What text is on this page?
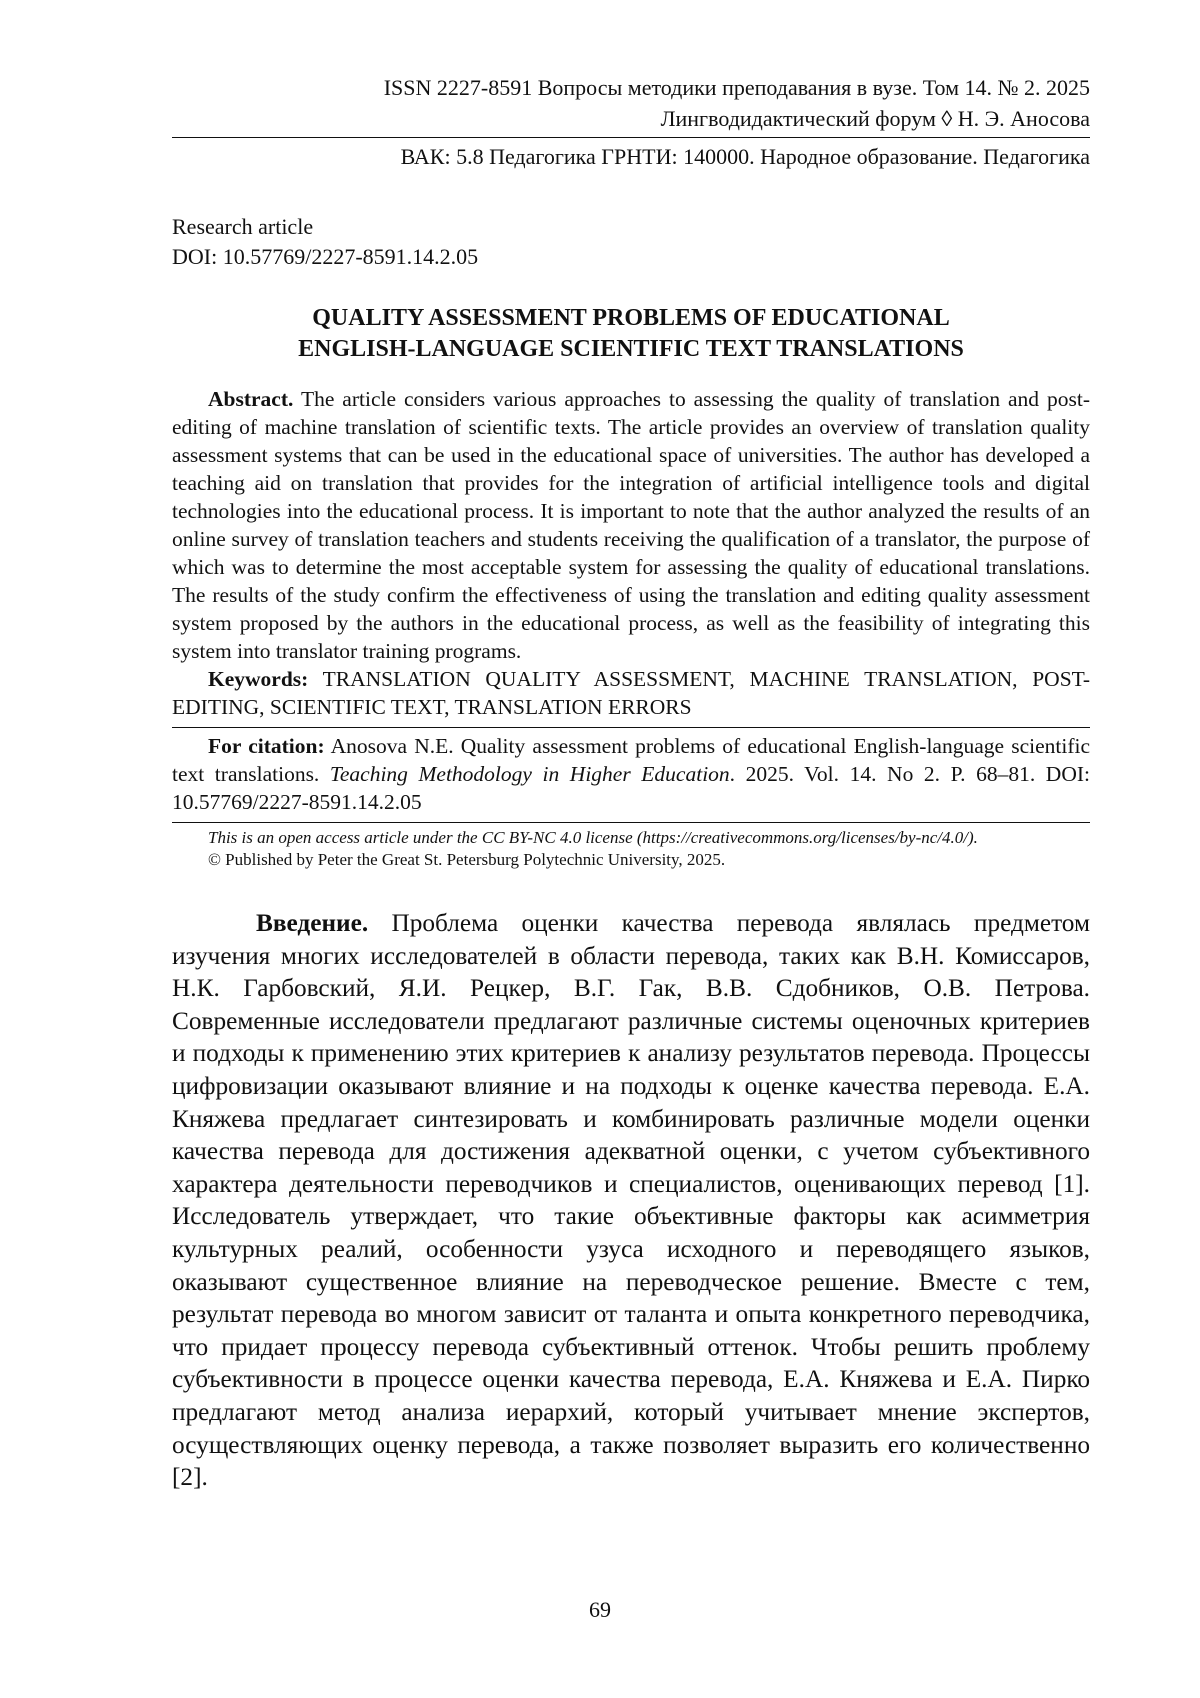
ISSN 2227-8591 Вопросы методики преподавания в вузе. Том 14. № 2. 2025
Лингводидактический форум ◊ Н. Э. Аносова
ВАК: 5.8 Педагогика ГРНТИ: 140000. Народное образование. Педагогика
Research article
DOI: 10.57769/2227-8591.14.2.05
QUALITY ASSESSMENT PROBLEMS OF EDUCATIONAL
ENGLISH-LANGUAGE SCIENTIFIC TEXT TRANSLATIONS

Abstract. The article considers various approaches to assessing the quality of translation and post-editing of machine translation of scientific texts. The article provides an overview of translation quality assessment systems that can be used in the educational space of universities. The author has developed a teaching aid on translation that provides for the integration of artificial intelligence tools and digital technologies into the educational process. It is important to note that the author analyzed the results of an online survey of translation teachers and students receiving the qualification of a translator, the purpose of which was to determine the most acceptable system for assessing the quality of educational translations. The results of the study confirm the effectiveness of using the translation and editing quality assessment system proposed by the authors in the educational process, as well as the feasibility of integrating this system into translator training programs.

Keywords: TRANSLATION QUALITY ASSESSMENT, MACHINE TRANSLATION, POST-EDITING, SCIENTIFIC TEXT, TRANSLATION ERRORS

For citation: Anosova N.E. Quality assessment problems of educational English-language scientific text translations. Teaching Methodology in Higher Education. 2025. Vol. 14. No 2. P. 68–81. DOI: 10.57769/2227-8591.14.2.05

This is an open access article under the CC BY-NC 4.0 license (https://creativecommons.org/licenses/by-nc/4.0/).
© Published by Peter the Great St. Petersburg Polytechnic University, 2025.

Введение. Проблема оценки качества перевода являлась предметом изучения многих исследователей в области перевода, таких как В.Н. Комиссаров, Н.К. Гарбовский, Я.И. Рецкер, В.Г. Гак, В.В. Сдобников, О.В. Петрова. Современные исследователи предлагают различные системы оценочных критериев и подходы к применению этих критериев к анализу результатов перевода. Процессы цифровизации оказывают влияние и на подходы к оценке качества перевода. Е.А. Княжева предлагает синтезировать и комбинировать различные модели оценки качества перевода для достижения адекватной оценки, с учетом субъективного характера деятельности переводчиков и специалистов, оценивающих перевод [1]. Исследователь утверждает, что такие объективные факторы как асимметрия культурных реалий, особенности узуса исходного и переводящего языков, оказывают существенное влияние на переводческое решение. Вместе с тем, результат перевода во многом зависит от таланта и опыта конкретного переводчика, что придает процессу перевода субъективный оттенок. Чтобы решить проблему субъективности в процессе оценки качества перевода, Е.А. Княжева и Е.А. Пирко предлагают метод анализа иерархий, который учитывает мнение экспертов, осуществляющих оценку перевода, а также позволяет выразить его количественно [2].

69
